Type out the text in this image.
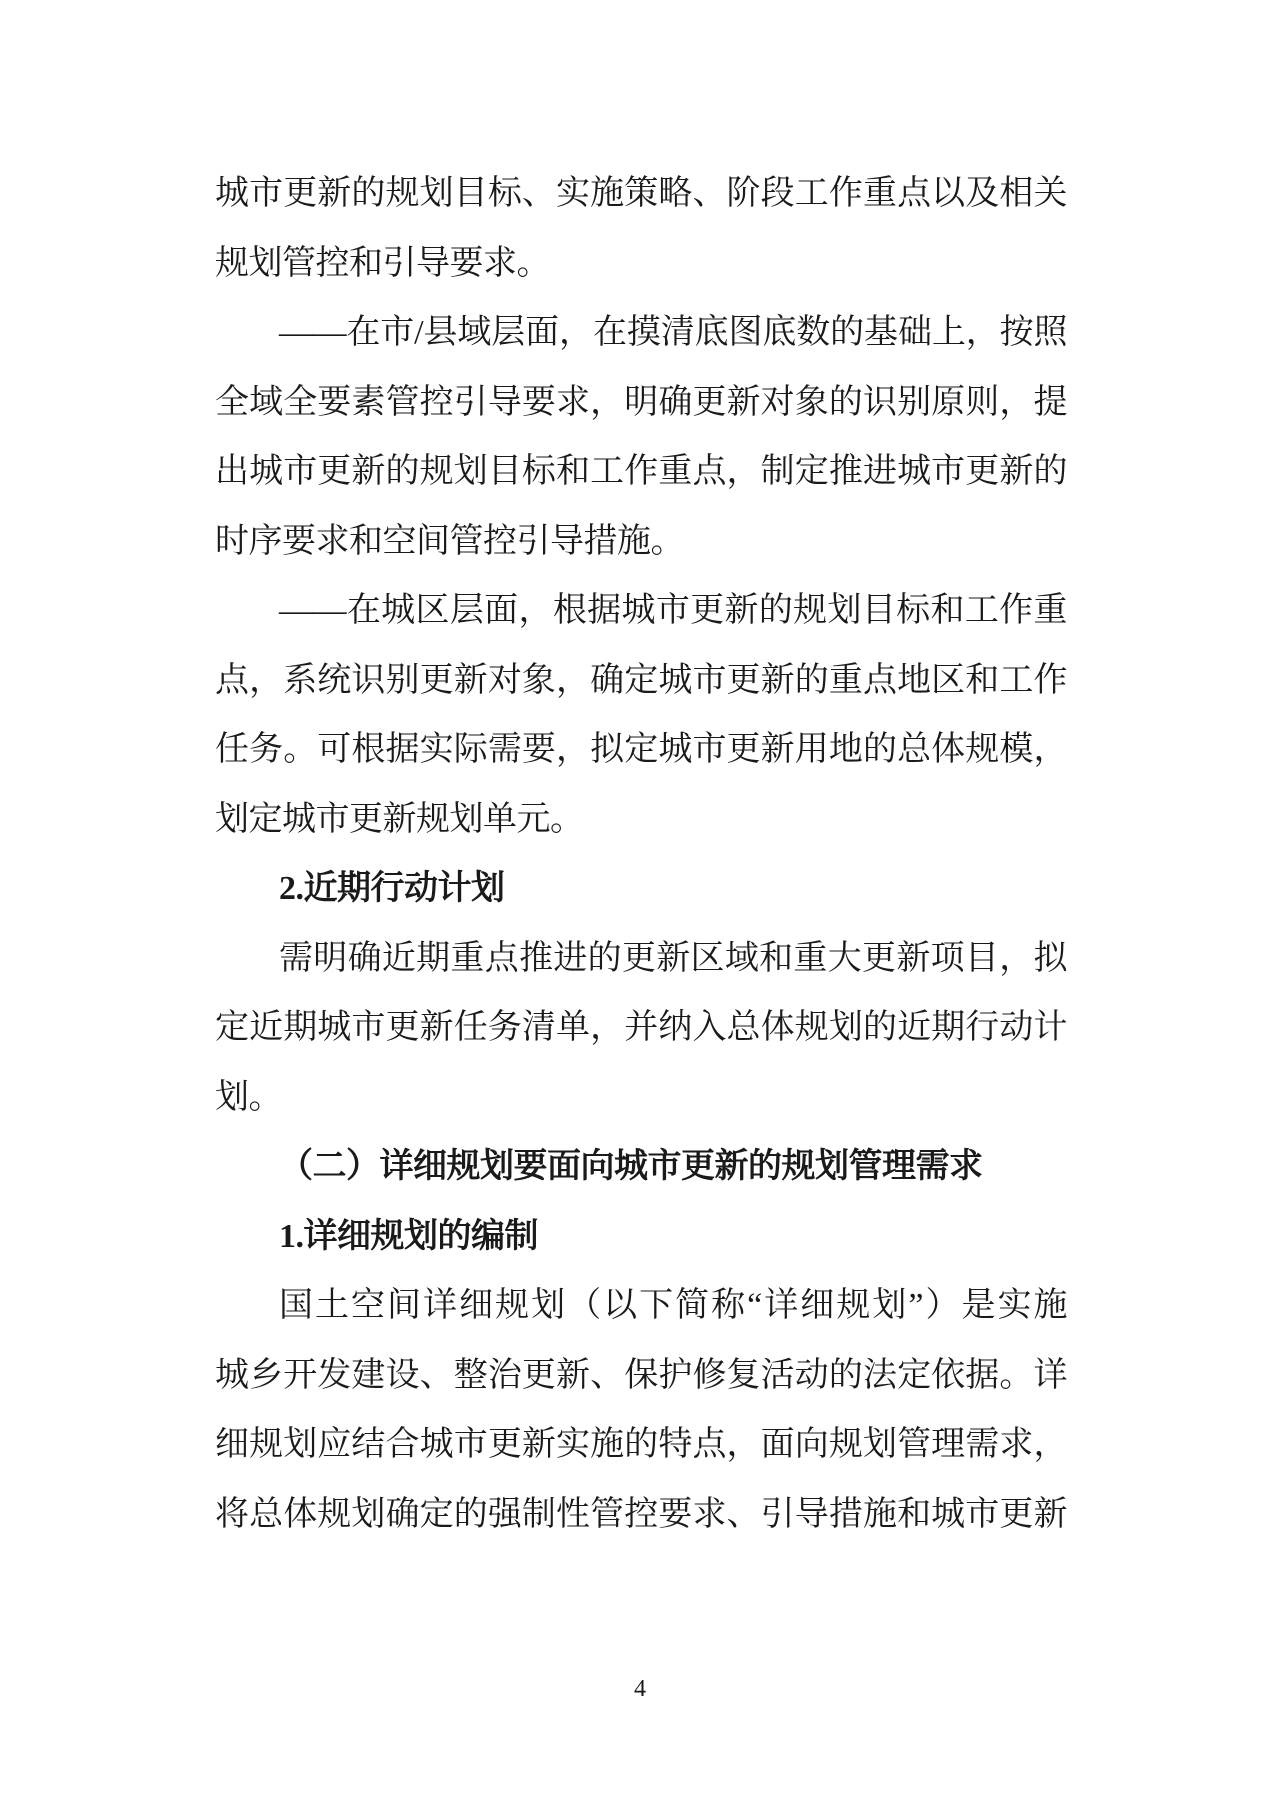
城市更新的规划目标、实施策略、阶段工作重点以及相关
规划管控和引导要求。
——在市/县域层面，在摸清底图底数的基础上，按照
全域全要素管控引导要求，明确更新对象的识别原则，提
出城市更新的规划目标和工作重点，制定推进城市更新的
时序要求和空间管控引导措施。
——在城区层面，根据城市更新的规划目标和工作重
点，系统识别更新对象，确定城市更新的重点地区和工作
任务。可根据实际需要，拟定城市更新用地的总体规模，
划定城市更新规划单元。
2.近期行动计划
需明确近期重点推进的更新区域和重大更新项目，拟
定近期城市更新任务清单，并纳入总体规划的近期行动计
划。
（二）详细规划要面向城市更新的规划管理需求
1.详细规划的编制
国土空间详细规划（以下简称“详细规划”）是实施
城乡开发建设、整治更新、保护修复活动的法定依据。详
细规划应结合城市更新实施的特点，面向规划管理需求，
将总体规划确定的强制性管控要求、引导措施和城市更新
4
